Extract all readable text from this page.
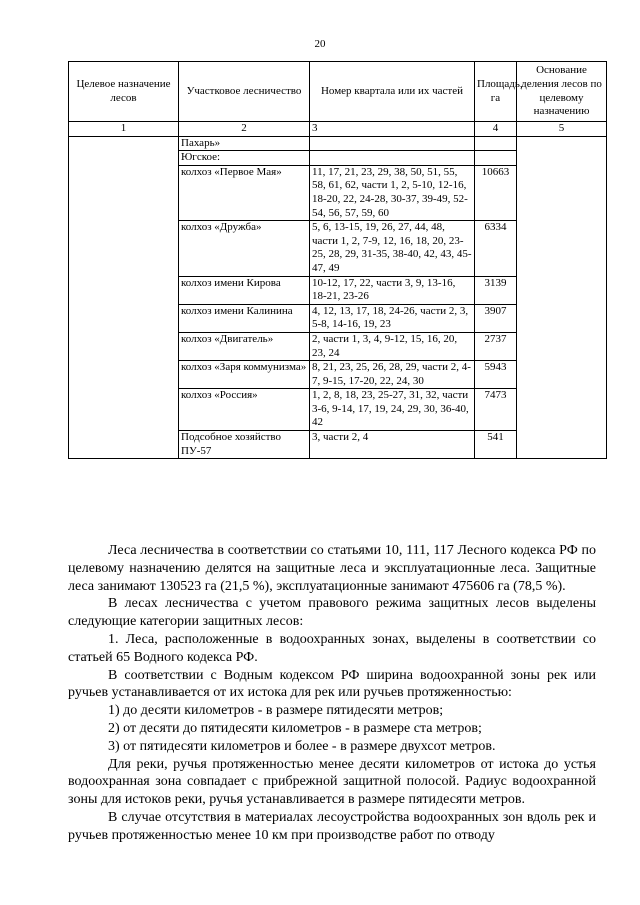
20
Целевое назначение лесов	Участковое лесничество	Номер квартала или их частей	Площадь, га	Основание деления лесов по целевому назначению
1	2	3	4	5
	Пахарь»			
	Югское:			
	колхоз «Первое Мая»	11, 17, 21, 23, 29, 38, 50, 51, 55, 58, 61, 62, части 1, 2, 5-10, 12-16, 18-20, 22, 24-28, 30-37, 39-49, 52-54, 56, 57, 59, 60	10663	
	колхоз «Дружба»	5, 6, 13-15, 19, 26, 27, 44, 48, части 1, 2, 7-9, 12, 16, 18, 20, 23-25, 28, 29, 31-35, 38-40, 42, 43, 45-47, 49	6334	
	колхоз имени Кирова	10-12, 17, 22, части 3, 9, 13-16, 18-21, 23-26	3139	
	колхоз имени Калинина	4, 12, 13, 17, 18, 24-26, части 2, 3, 5-8, 14-16, 19, 23	3907	
	колхоз «Двигатель»	2, части 1, 3, 4, 9-12, 15, 16, 20, 23, 24	2737	
	колхоз «Заря коммунизма»	8, 21, 23, 25, 26, 28, 29, части 2, 4-7, 9-15, 17-20, 22, 24, 30	5943	
	колхоз «Россия»	1, 2, 8, 18, 23, 25-27, 31, 32, части 3-6, 9-14, 17, 19, 24, 29, 30, 36-40, 42	7473	
	Подсобное хозяйство ПУ-57	3, части 2, 4	541	

Леса лесничества в соответствии со статьями 10, 111, 117 Лесного кодекса РФ по целевому назначению делятся на защитные леса и эксплуатационные леса. Защитные леса занимают 130523 га (21,5 %), эксплуатационные занимают 475606 га (78,5 %).

В лесах лесничества с учетом правового режима защитных лесов выделены следующие категории защитных лесов:

1. Леса, расположенные в водоохранных зонах, выделены в соответствии со статьей 65 Водного кодекса РФ.

В соответствии с Водным кодексом РФ ширина водоохранной зоны рек или ручьев устанавливается от их истока для рек или ручьев протяженностью:

1) до десяти километров - в размере пятидесяти метров;

2) от десяти до пятидесяти километров - в размере ста метров;

3) от пятидесяти километров и более - в размере двухсот метров.

Для реки, ручья протяженностью менее десяти километров от истока до устья водоохранная зона совпадает с прибрежной защитной полосой. Радиус водоохранной зоны для истоков реки, ручья устанавливается в размере пятидесяти метров.

В случае отсутствия в материалах лесоустройства водоохранных зон вдоль рек и ручьев протяженностью менее 10 км при производстве работ по отводу
